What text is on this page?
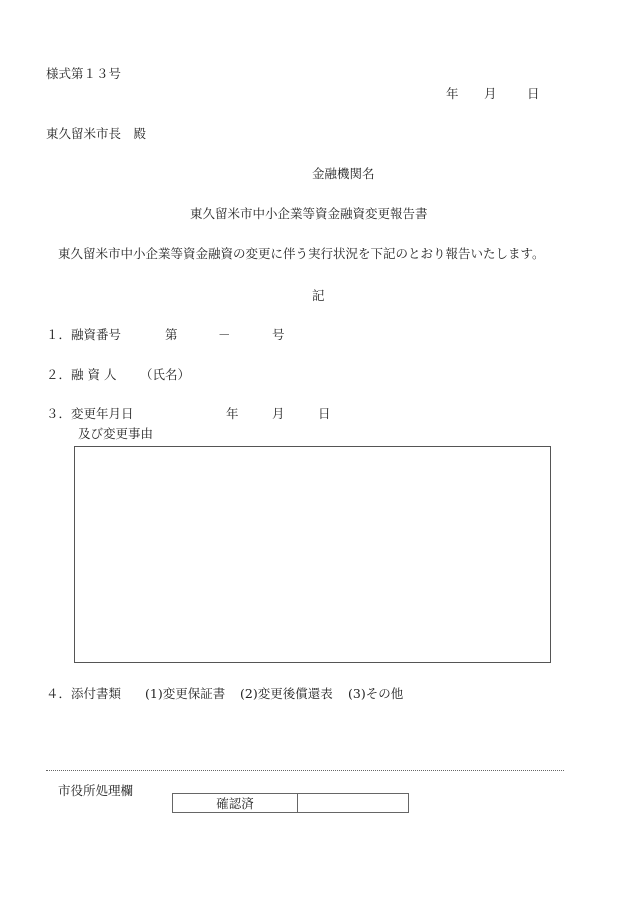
様式第１３号
年 月 日
東久留米市長　殿
金融機関名
東久留米市中小企業等資金融資変更報告書
東久留米市中小企業等資金融資の変更に伴う実行状況を下記のとおり報告いたします。
記
１．融資番号	第	－	号
２．融 資 人 （氏名）
３．変更年月日	年	月	日
及び変更事由
４．添付書類 (1)変更保証書 (2)変更後償還表 (3)その他
市役所処理欄
確認済	
